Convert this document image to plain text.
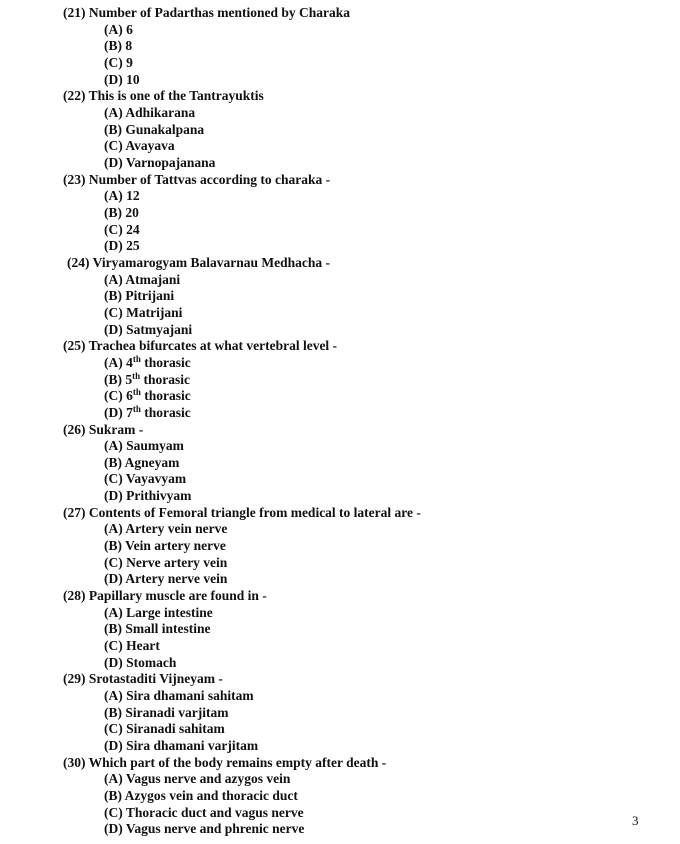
(21) Number of Padarthas mentioned by Charaka
(A) 6
(B) 8
(C) 9
(D) 10
(22) This is one of the Tantrayuktis
(A) Adhikarana
(B) Gunakalpana
(C) Avayava
(D) Varnopajanana
(23) Number of Tattvas according to charaka -
(A) 12
(B) 20
(C) 24
(D) 25
(24) Viryamarogyam Balavarnau Medhacha -
(A) Atmajani
(B) Pitrijani
(C) Matrijani
(D) Satmyajani
(25) Trachea bifurcates at what vertebral level -
(A) 4th thorasic
(B) 5th thorasic
(C) 6th thorasic
(D) 7th thorasic
(26) Sukram -
(A) Saumyam
(B) Agneyam
(C) Vayavyam
(D) Prithivyam
(27) Contents of Femoral triangle from medical to lateral are -
(A) Artery vein nerve
(B) Vein artery nerve
(C) Nerve artery vein
(D) Artery nerve vein
(28) Papillary muscle are found in -
(A) Large intestine
(B) Small intestine
(C) Heart
(D) Stomach
(29) Srotastaditi Vijneyam -
(A) Sira dhamani sahitam
(B) Siranadi varjitam
(C) Siranadi sahitam
(D) Sira dhamani varjitam
(30) Which part of the body remains empty after death -
(A) Vagus nerve and azygos vein
(B) Azygos vein and thoracic duct
(C) Thoracic duct and vagus nerve
(D) Vagus nerve and phrenic nerve
3
